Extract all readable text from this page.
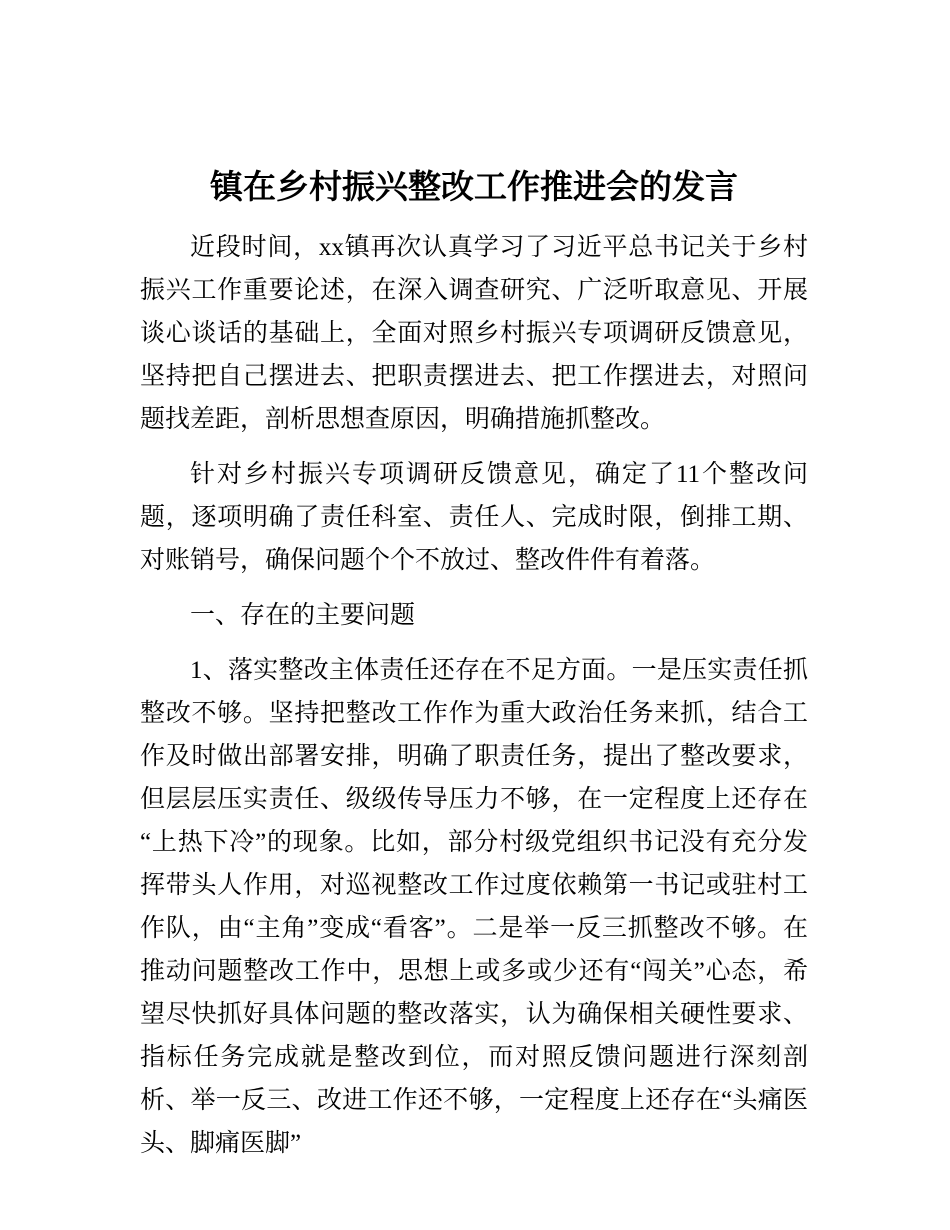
镇在乡村振兴整改工作推进会的发言

近段时间，xx镇再次认真学习了习近平总书记关于乡村振兴工作重要论述，在深入调查研究、广泛听取意见、开展谈心谈话的基础上，全面对照乡村振兴专项调研反馈意见，坚持把自己摆进去、把职责摆进去、把工作摆进去，对照问题找差距，剖析思想查原因，明确措施抓整改。

针对乡村振兴专项调研反馈意见，确定了11个整改问题，逐项明确了责任科室、责任人、完成时限，倒排工期、对账销号，确保问题个个不放过、整改件件有着落。

一、存在的主要问题

1、落实整改主体责任还存在不足方面。一是压实责任抓整改不够。坚持把整改工作作为重大政治任务来抓，结合工作及时做出部署安排，明确了职责任务，提出了整改要求，但层层压实责任、级级传导压力不够，在一定程度上还存在“上热下冷”的现象。比如，部分村级党组织书记没有充分发挥带头人作用，对巡视整改工作过度依赖第一书记或驻村工作队，由“主角”变成“看客”。二是举一反三抓整改不够。在推动问题整改工作中，思想上或多或少还有“闯关”心态，希望尽快抓好具体问题的整改落实，认为确保相关硬性要求、指标任务完成就是整改到位，而对照反馈问题进行深刻剖析、举一反三、改进工作还不够，一定程度上还存在“头痛医头、脚痛医脚”
